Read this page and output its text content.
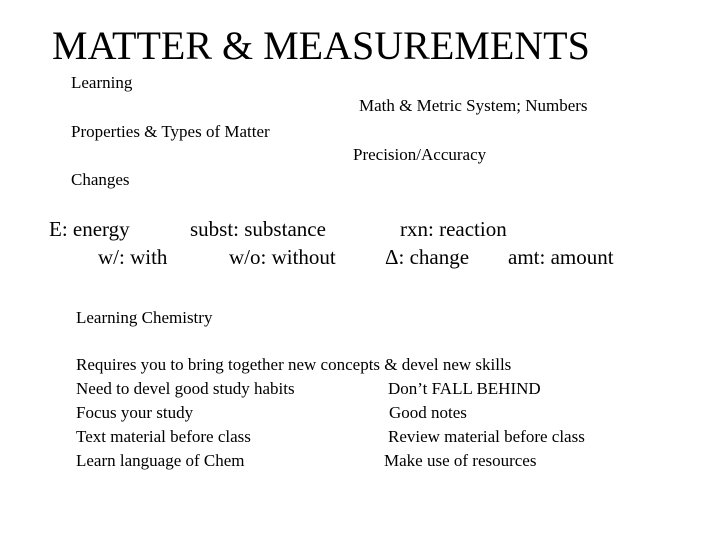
MATTER & MEASUREMENTS
Learning
Math & Metric System; Numbers
Properties & Types of Matter
Precision/Accuracy
Changes
E: energy	subst: substance	rxn: reaction
w/: with	w/o: without Δ: change amt: amount
Learning Chemistry
Requires you to bring together new concepts & devel new skills
Need to devel good study habits	Don’t FALL BEHIND
Focus your study	Good notes
Text material before class	Review material before class
Learn language of Chem	Make use of resources
